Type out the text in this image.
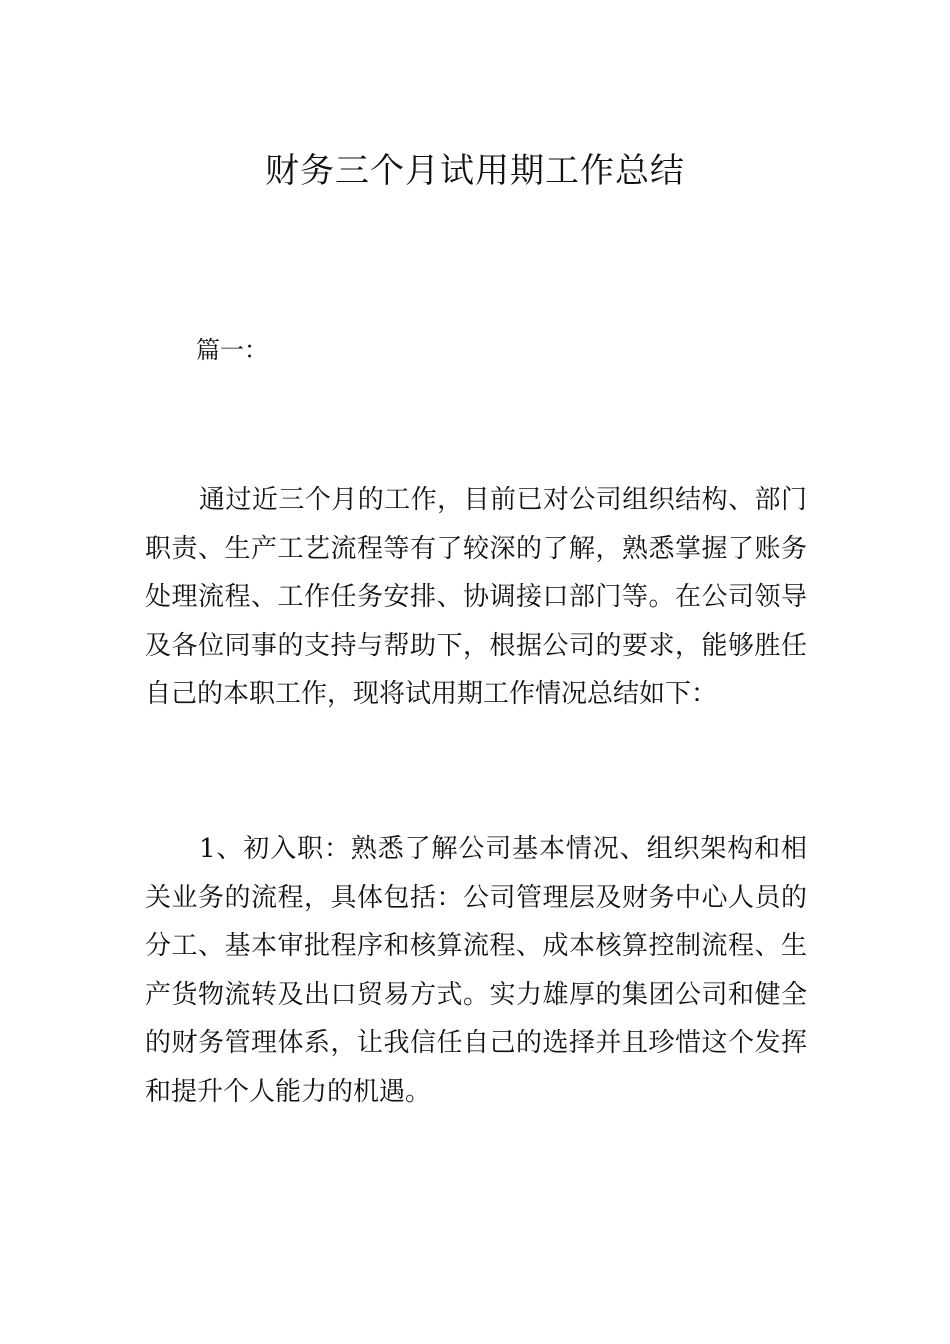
财务三个月试用期工作总结
篇一：

通过近三个月的工作，目前已对公司组织结构、部门职责、生产工艺流程等有了较深的了解，熟悉掌握了账务处理流程、工作任务安排、协调接口部门等。在公司领导及各位同事的支持与帮助下，根据公司的要求，能够胜任自己的本职工作，现将试用期工作情况总结如下：

1、初入职：熟悉了解公司基本情况、组织架构和相关业务的流程，具体包括：公司管理层及财务中心人员的分工、基本审批程序和核算流程、成本核算控制流程、生产货物流转及出口贸易方式。实力雄厚的集团公司和健全的财务管理体系，让我信任自己的选择并且珍惜这个发挥和提升个人能力的机遇。
